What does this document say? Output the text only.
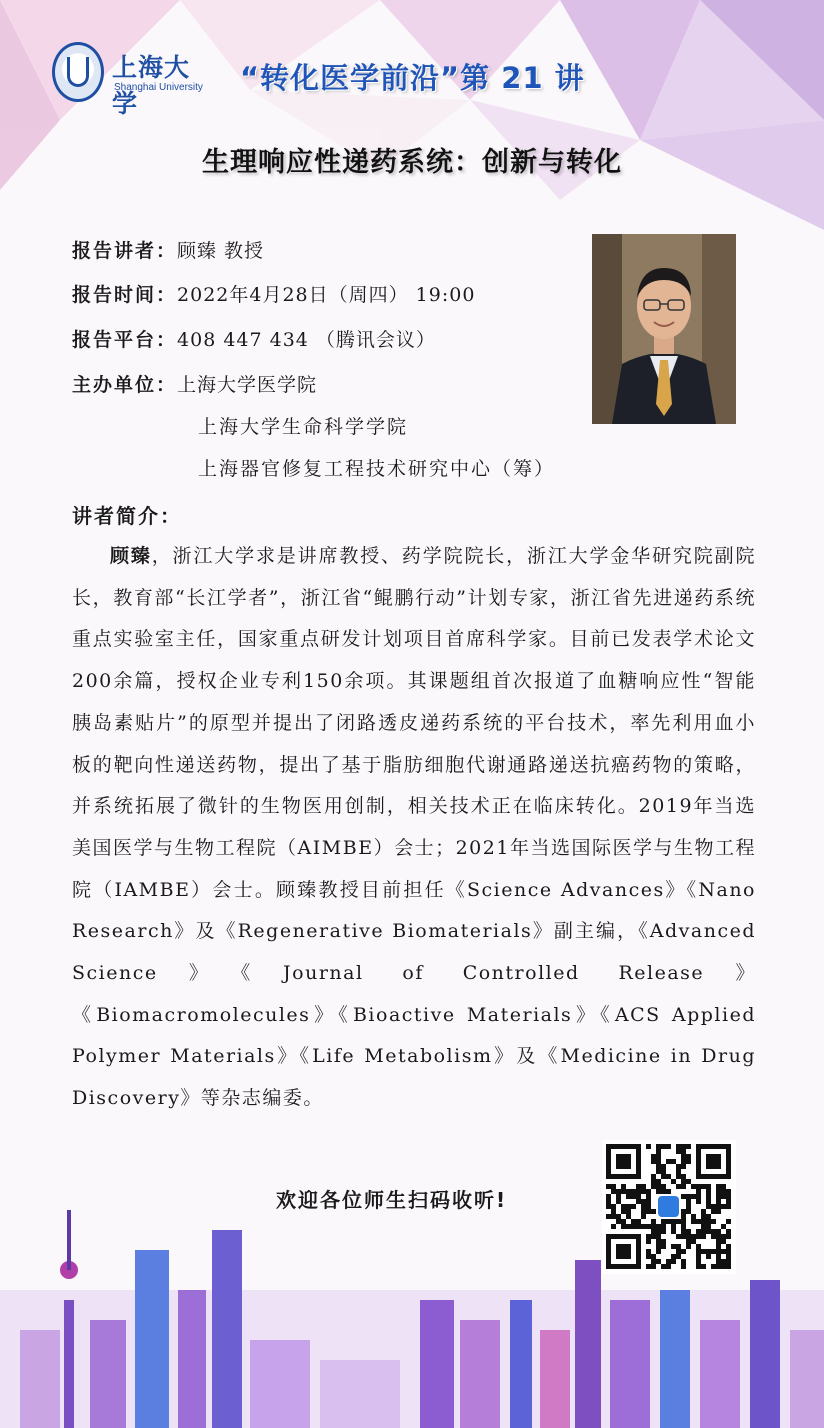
上海大学
Shanghai University “转化医学前沿”第 21 讲
生理响应性递药系统：创新与转化
报告讲者：顾臻 教授
报告时间：2022年4月28日（周四） 19:00
报告平台：408 447 434 （腾讯会议）
主办单位：上海大学医学院
上海大学生命科学学院
上海器官修复工程技术研究中心（筹）
讲者简介：
顾臻，浙江大学求是讲席教授、药学院院长，浙江大学金华研究院副院长，教育部“长江学者”，浙江省“鲲鹏行动”计划专家，浙江省先进递药系统重点实验室主任，国家重点研发计划项目首席科学家。目前已发表学术论文200余篇，授权企业专利150余项。其课题组首次报道了血糖响应性“智能胰岛素贴片”的原型并提出了闭路透皮递药系统的平台技术，率先利用血小板的靶向性递送药物，提出了基于脂肪细胞代谢通路递送抗癌药物的策略，并系统拓展了微针的生物医用创制，相关技术正在临床转化。2019年当选美国医学与生物工程院（AIMBE）会士；2021年当选国际医学与生物工程院（IAMBE）会士。顾臻教授目前担任《Science Advances》《Nano Research》及《Regenerative Biomaterials》副主编，《Advanced Science》《Journal of Controlled Release》《Biomacromolecules》《Bioactive Materials》《ACS Applied Polymer Materials》《Life Metabolism》及《Medicine in Drug Discovery》等杂志编委。
欢迎各位师生扫码收听!
